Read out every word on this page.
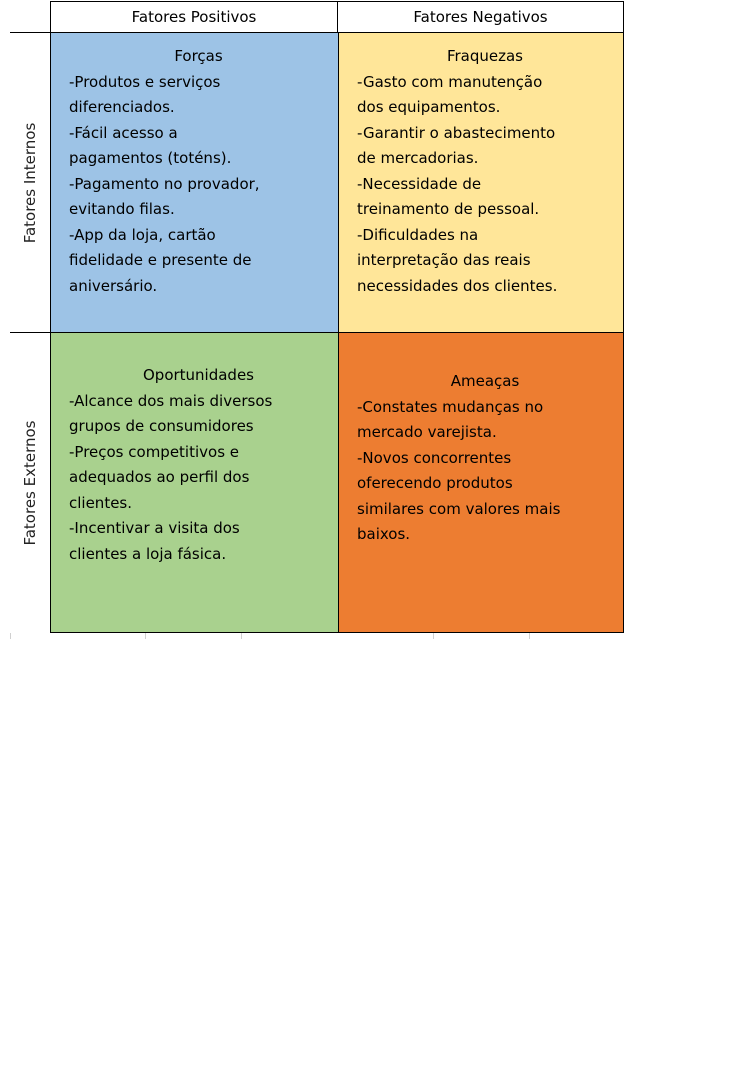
Fatores Positivos	Fatores Negativos
Fatores Internos
Fatores Externos
Forças
-Produtos e serviços
diferenciados.
-Fácil acesso a
pagamentos (toténs).
-Pagamento no provador,
evitando filas.
-App da loja, cartão
fidelidade e presente de
aniversário.
Fraquezas
-Gasto com manutenção
dos equipamentos.
-Garantir o abastecimento
de mercadorias.
-Necessidade de
treinamento de pessoal.
-Dificuldades na
interpretação das reais
necessidades dos clientes.
Oportunidades
-Alcance dos mais diversos
grupos de consumidores
-Preços competitivos e
adequados ao perfil dos
clientes.
-Incentivar a visita dos
clientes a loja fásica.
Ameaças
-Constates mudanças no
mercado varejista.
-Novos concorrentes
oferecendo produtos
similares com valores mais
baixos.
